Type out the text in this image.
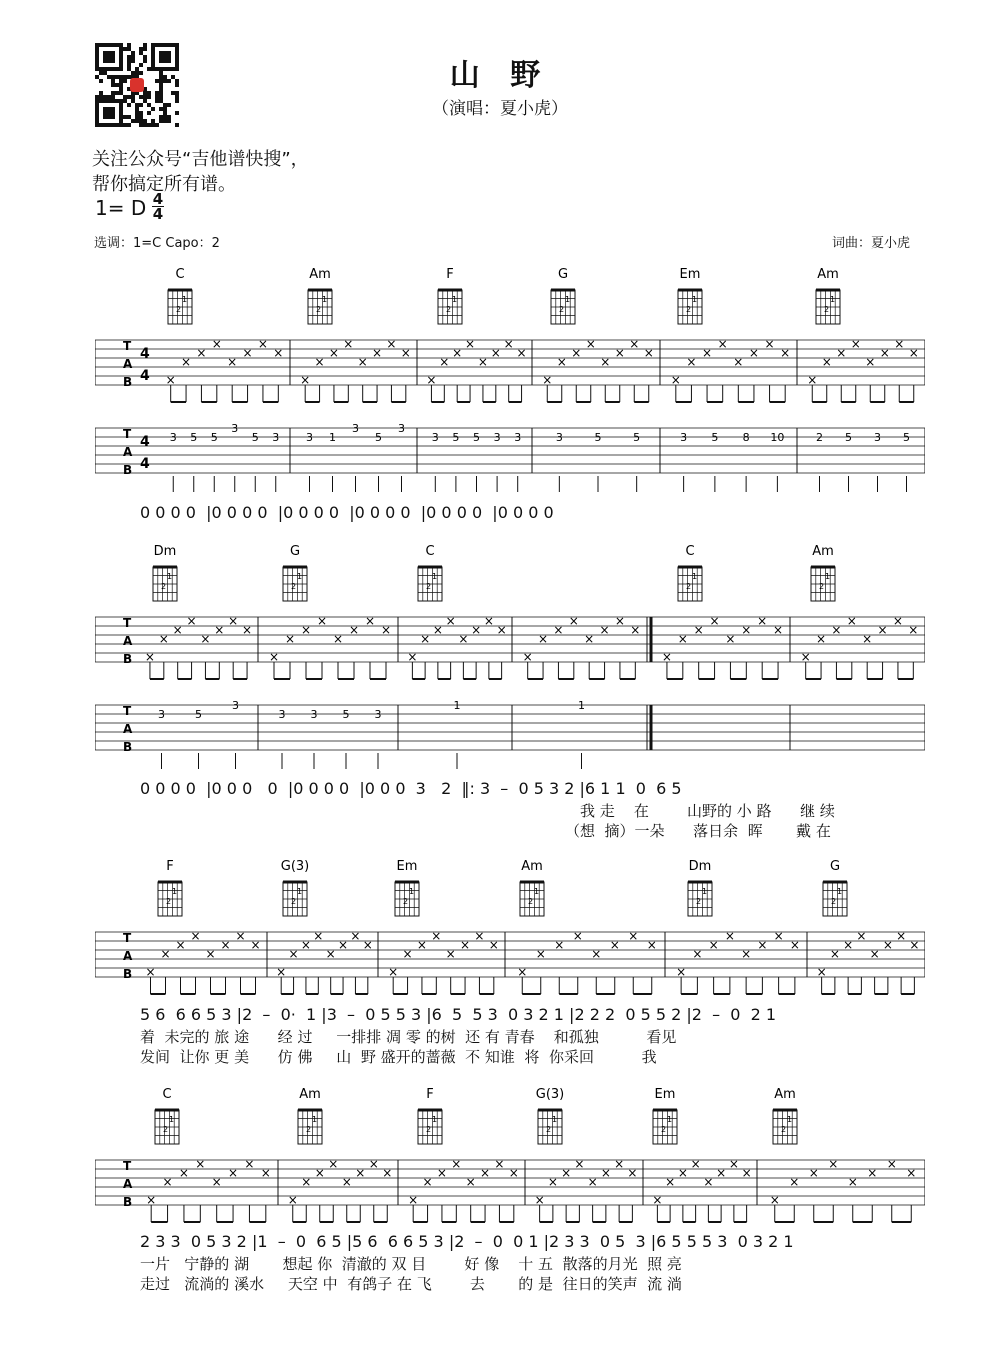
山 野
（演唱：夏小虎）
关注公众号“吉他谱快搜”，
帮你搞定所有谱。
1= D 4
4
选调：1=C Capo：2	词曲：夏小虎
C
2
1
Am
2
1
F
2
1
G
2
1
Em
2
1
Am
2
1
T
A
B
4
4 ×
×
×
×
×
×
×
×
×
×
×
×
×
×
×
×
×
×
×
×
×
×
×
×
×
×
×
×
×
×
×
×
×
×
×
×
×
×
×
×
×
×
×
×
×
×
×
×
T
A
B
4
4
3 5 5
3
5 3 3 1
3
5
3
3 5 5 3 3	3	5	5	3 5 8 10	2 5 3 5
Dm
2
1
G
2
1
C
2
1
C
2
1
Am
2
1
T
A
B ×
×
×
×
×
×
×
×
×
×
×
×
×
×
×
×
×
×
×
×
×
×
×
×
×
×
×
×
×
×
×
×
×
×
×
×
×
×
×
×
×
×
×
×
×
×
×
×
T
A
B
3	5
3
3 3 5 3
1	1
F
2
1
G(3)
2
1
Em
2
1
Am
2
1
Dm
2
1
G
2
1
T
A
B ×
×
×
×
×
×
×
×
×
×
×
×
×
×
×
×
×
×
×
×
×
×
×
×
×
×
×
×
×
×
×
×
×
×
×
×
×
×
×
×
×
×
×
×
×
×
×
×
C
2
1
Am
2
1
F
2
1
G(3)
2
1
Em
2
1
Am
2
1
T
A
B ×
×
×
×
×
×
×
×
×
×
×
×
×
×
×
×
×
×
×
×
×
×
×
×
×
×
×
×
×
×
×
×
×
×
×
×
×
×
×
×
×
×
×
×
×
×
×
×
0 0 0 0  |0 0 0 0  |0 0 0 0  |0 0 0 0  |0 0 0 0  |0 0 0 0
0 0 0 0  |0 0 0   0  |0 0 0 0  |0 0 0  3   2  ‖: 3  –  0 5 3 2 |6 1 1  0  6 5
我 走    在        山野的 小 路      继 续
（想  摘）一朵      落日余  晖       戴 在
5 6  6 6 5 3 |2  –  0·  1 |3  –  0 5 5 3 |6  5  5 3  0 3 2 1 |2 2 2  0 5 5 2 |2  –  0  2 1
着  未完的 旅 途      经 过     一排排 凋 零 的树  还 有 青春    和孤独          看见
发间  让你 更 美      仿 佛     山  野 盛开的蔷薇  不 知谁  将  你采回          我
2 3 3  0 5 3 2 |1  –  0  6 5 |5 6  6 6 5 3 |2  –  0  0 1 |2 3 3  0 5  3 |6 5 5 5 3  0 3 2 1
一片   宁静的 湖       想起 你  清澈的 双 目        好 像    十 五  散落的月光  照 亮
走过   流淌的 溪水     天空 中  有鸽子 在 飞        去       的 是  往日的笑声  流 淌
